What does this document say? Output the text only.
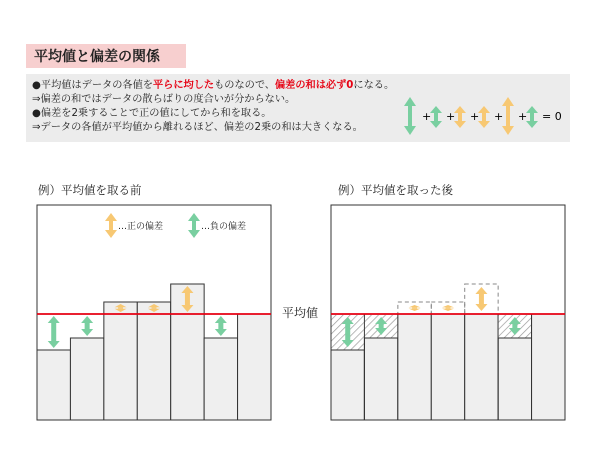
平均値と偏差の関係
●平均値はデータの各値を平らに均したものなので、偏差の和は必ず0になる。
⇒偏差の和ではデータの散らばりの度合いが分からない。
●偏差を2乗することで正の値にしてから和を取る。
⇒データの各値が平均値から離れるほど、偏差の2乗の和は大きくなる。
+ + + + + = 0
例）平均値を取る前	例）平均値を取った後
平均値
…正の偏差	…負の偏差
